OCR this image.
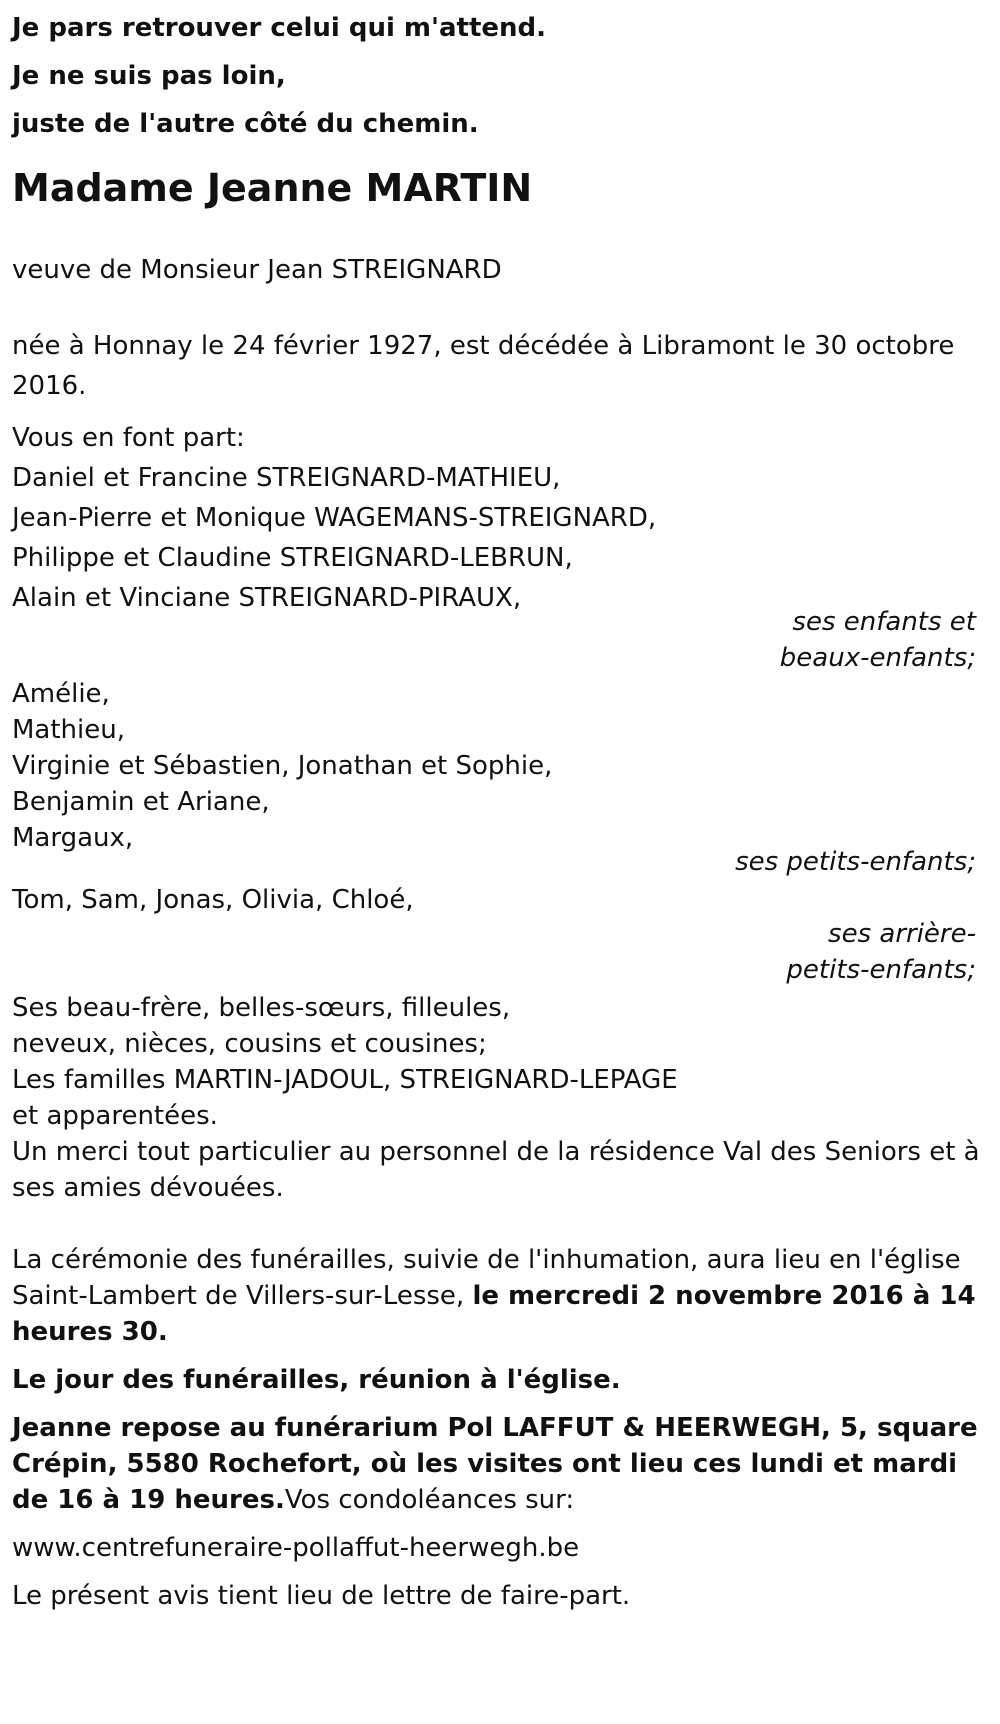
Je pars retrouver celui qui m'attend.
Je ne suis pas loin,
juste de l'autre côté du chemin.
Madame Jeanne MARTIN
veuve de Monsieur Jean STREIGNARD
née à Honnay le 24 février 1927, est décédée à Libramont le 30 octobre 2016.
Vous en font part:
Daniel et Francine STREIGNARD-MATHIEU,
Jean-Pierre et Monique WAGEMANS-STREIGNARD,
Philippe et Claudine STREIGNARD-LEBRUN,
Alain et Vinciane STREIGNARD-PIRAUX,
ses enfants et beaux-enfants;
Amélie,
Mathieu,
Virginie et Sébastien, Jonathan et Sophie,
Benjamin et Ariane,
Margaux,
ses petits-enfants;
Tom, Sam, Jonas, Olivia, Chloé,
ses arrière-petits-enfants;
Ses beau-frère, belles-sœurs, filleules,
neveux, nièces, cousins et cousines;
Les familles MARTIN-JADOUL, STREIGNARD-LEPAGE
et apparentées.
Un merci tout particulier au personnel de la résidence Val des Seniors et à ses amies dévouées.
La cérémonie des funérailles, suivie de l'inhumation, aura lieu en l'église Saint-Lambert de Villers-sur-Lesse, le mercredi 2 novembre 2016 à 14 heures 30.
Le jour des funérailles, réunion à l'église.
Jeanne repose au funérarium Pol LAFFUT & HEERWEGH, 5, square Crépin, 5580 Rochefort, où les visites ont lieu ces lundi et mardi de 16 à 19 heures.Vos condoléances sur:
www.centrefuneraire-pollaffut-heerwegh.be
Le présent avis tient lieu de lettre de faire-part.
